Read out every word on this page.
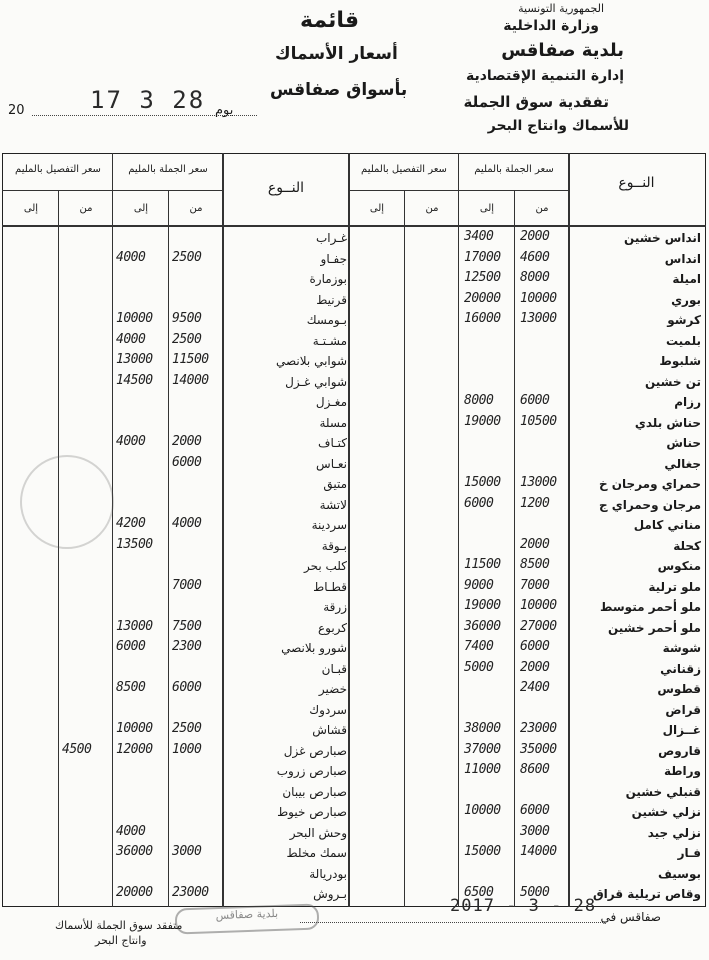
الجمهورية التونسية
وزارة الداخلية
بلدية صفاقس
إدارة التنمية الإقتصادية
تفقدية سوق الجملة
للأسماك وانتاج البحر
قائمة
أسعار الأسماك
بأسواق صفاقس
20	17 3 28 يوم
النــوع
سعر الجملة بالمليم
سعر التفصيل بالمليم
من
إلى
من
إلى
النــوع
سعر الجملة بالمليم
سعر التفصيل بالمليم
من
إلى
من
إلى
انداس خشين
2000
3400
انداس
4600
17000
اميلة
8000
12500
بوري
10000
20000
كرشو
13000
16000
بلميت
شلبوط
تن خشين
رزام
6000
8000
حناش بلدي
10500
19000
حناش
جغالي
حمراي ومرجان خ
13000
15000
مرجان وحمراي ج
1200
6000
مناني كامل
كحلة
2000
منكوس
8500
11500
ملو ترلية
7000
9000
ملو أحمر متوسط
10000
19000
ملو أحمر خشين
27000
36000
شوشة
6000
7400
زقناني
2000
5000
قطوس
2400
قراض
غــزال
23000
38000
قاروص
35000
37000
وراطة
8600
11000
قنبلي خشين
نزلي خشين
6000
10000
نزلي جيد
3000
فـار
14000
15000
بوسيف
وقاص تريلية قراق
5000
6500
غـراب
جفـاو
2500
4000
بوزمارة
قرنيط
بـومسك
9500
10000
مشـتـة
2500
4000
شوابي بلانصي
11500
13000
شوابي غـزل
14000
14500
مغـزل
مسلة
كتـاف
2000
4000
نعـاس
6000
متيق
لاتشة
سردينة
4000
4200
بـوقة
13500
كلب بحر
قطـاط
7000
زرقة
كربوع
7500
13000
شورو بلانصي
2300
6000
قبـان
خضير
6000
8500
سردوك
قشاش
2500
10000
صبارص غزل
1000
12000
4500
صبارص زروب
صبارص بيبان
صبارص خيوط
وحش البحر
4000
سمك مخلط
3000
36000
بودريالة
بـروش
23000
20000
صفاقس في
2017 - 3 - 28
بلدية صفاقس
متفقد سوق الجملة للأسماك
وانتاج البحر
